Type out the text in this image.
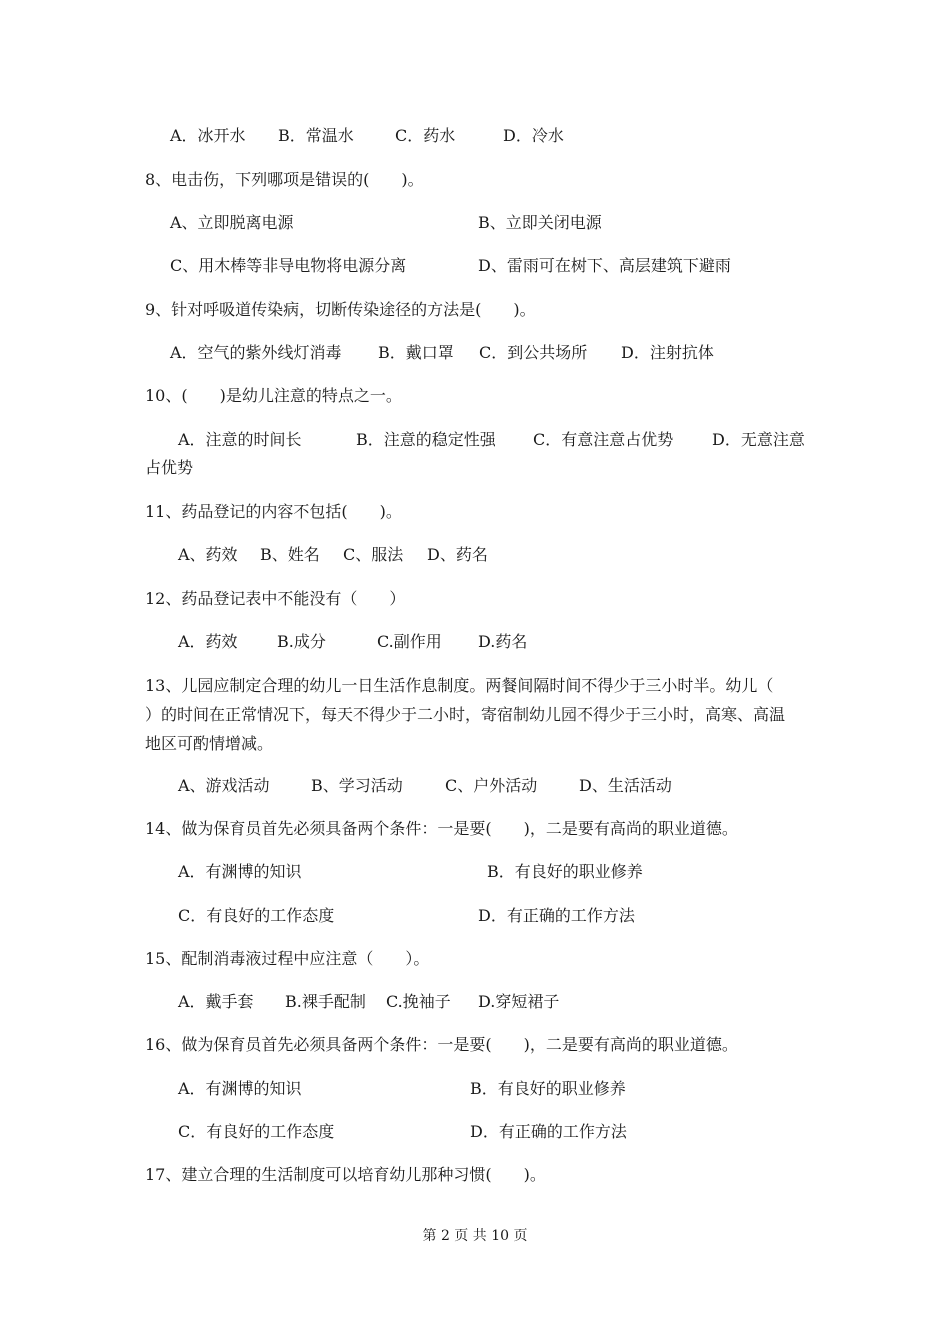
A．冰开水 B．常温水	C．药水	D．冷水

8、电击伤，下列哪项是错误的(　　)。

A、立即脱离电源	B、立即关闭电源

C、用木棒等非导电物将电源分离	D、雷雨可在树下、高层建筑下避雨

9、针对呼吸道传染病，切断传染途径的方法是(　　)。

A．空气的紫外线灯消毒 B．戴口罩 C．到公共场所 D．注射抗体

10、(　　)是幼儿注意的特点之一。

A．注意的时间长	B．注意的稳定性强 C．有意注意占优势 D．无意注意

占优势

11、药品登记的内容不包括(　　)。

A、药效 B、姓名 C、服法 D、药名

12、药品登记表中不能没有（　　）

A．药效 B.成分	C.副作用 D.药名

13、儿园应制定合理的幼儿一日生活作息制度。两餐间隔时间不得少于三小时半。幼儿（

）的时间在正常情况下，每天不得少于二小时，寄宿制幼儿园不得少于三小时，高寒、高温

地区可酌情增减。

A、游戏活动	B、学习活动	C、户外活动	D、生活活动

14、做为保育员首先必须具备两个条件：一是要(　　)，二是要有高尚的职业道德。

A．有渊博的知识	B．有良好的职业修养

C．有良好的工作态度	D．有正确的工作方法

15、配制消毒液过程中应注意（　　）。

A．戴手套 B.裸手配制 C.挽袖子 D.穿短裙子

16、做为保育员首先必须具备两个条件：一是要(　　)，二是要有高尚的职业道德。

A．有渊博的知识	B．有良好的职业修养

C．有良好的工作态度	D．有正确的工作方法

17、建立合理的生活制度可以培育幼儿那种习惯(　　)。

第 2 页 共 10 页
